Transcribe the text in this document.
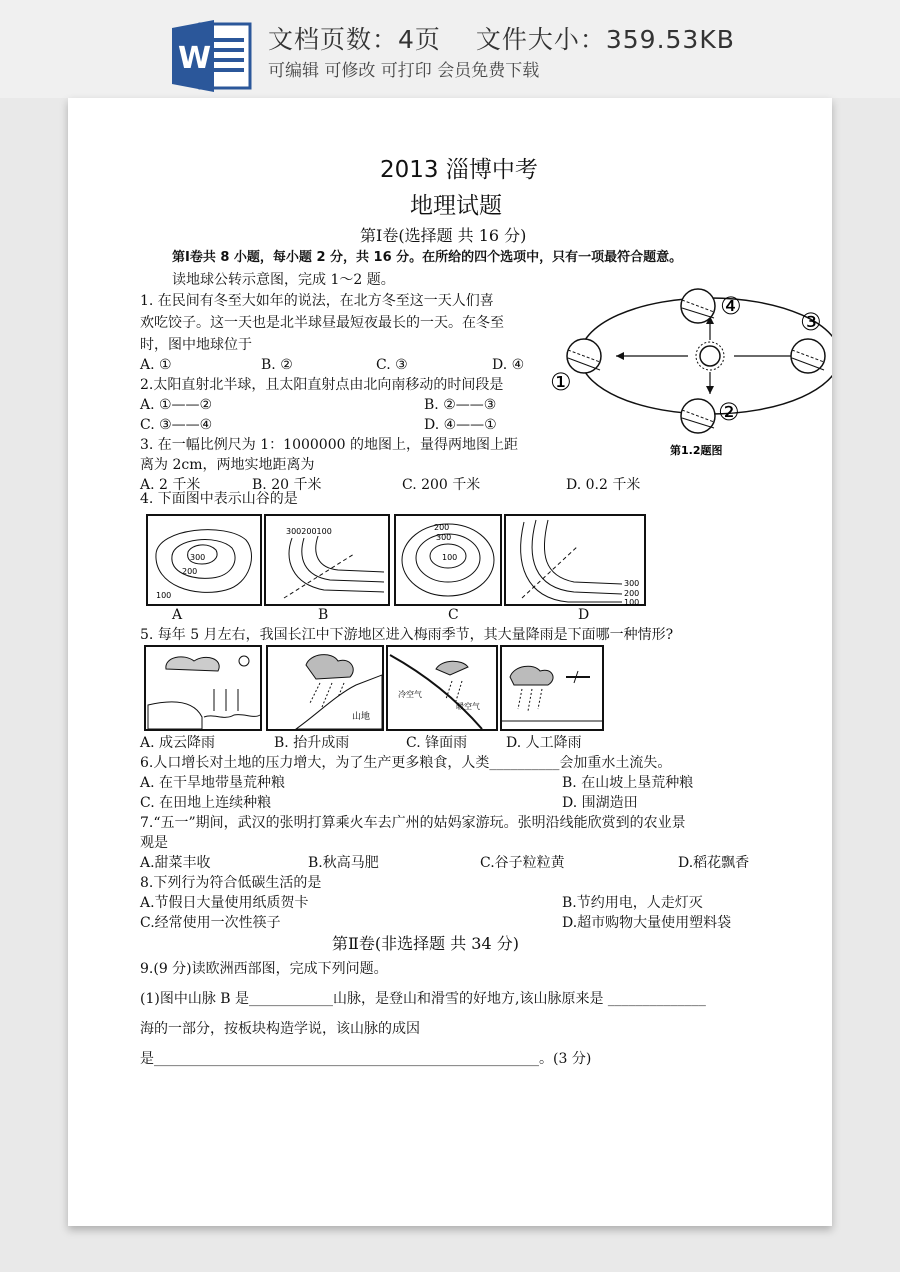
W
文档页数：4页　 文件大小：359.53KB
可编辑 可修改 可打印 会员免费下载
2013 淄博中考
地理试题
第Ⅰ卷(选择题 共 16 分)
第Ⅰ卷共 8 小题，每小题 2 分，共 16 分。在所给的四个选项中，只有一项最符合题意。
读地球公转示意图，完成 1～2 题。
1. 在民间有冬至大如年的说法，在北方冬至这一天人们喜
欢吃饺子。这一天也是北半球昼最短夜最长的一天。在冬至
时，图中地球位于
A. ①	B. ②	C. ③	D. ④
2.太阳直射北半球，且太阳直射点由北向南移动的时间段是
A. ①——②	B. ②——③
C. ③——④	D. ④——①
3. 在一幅比例尺为 1：1000000 的地图上，量得两地图上距
离为 2cm，两地实地距离为
A. 2 千米	B. 20 千米	C. 200 千米	D. 0.2 千米
①
②
③
④
第1.2题图
4. 下面图中表示山谷的是
300
200
100
300200100
300
200
100
300
200
100
A	B	C	D
5. 每年 5 月左右，我国长江中下游地区进入梅雨季节，其大量降雨是下面哪一种情形?
山地
冷空气
暖空气
A. 成云降雨	B. 抬升成雨	C. 锋面雨	D. 人工降雨
6.人口增长对土地的压力增大，为了生产更多粮食，人类__________会加重水土流失。
A. 在干旱地带垦荒种粮	B. 在山坡上垦荒种粮
C. 在田地上连续种粮	D. 围湖造田
7.“五一”期间，武汉的张明打算乘火车去广州的姑妈家游玩。张明沿线能欣赏到的农业景
观是
A.甜菜丰收	B.秋高马肥	C.谷子粒粒黄	D.稻花飘香
8.下列行为符合低碳生活的是
A.节假日大量使用纸质贺卡	B.节约用电，人走灯灭
C.经常使用一次性筷子	D.超市购物大量使用塑料袋
第Ⅱ卷(非选择题 共 34 分)
9.(9 分)读欧洲西部图，完成下列问题。
(1)图中山脉 B 是____________山脉，是登山和滑雪的好地方,该山脉原来是 ______________
海的一部分，按板块构造学说，该山脉的成因
是_______________________________________________________。(3 分)
